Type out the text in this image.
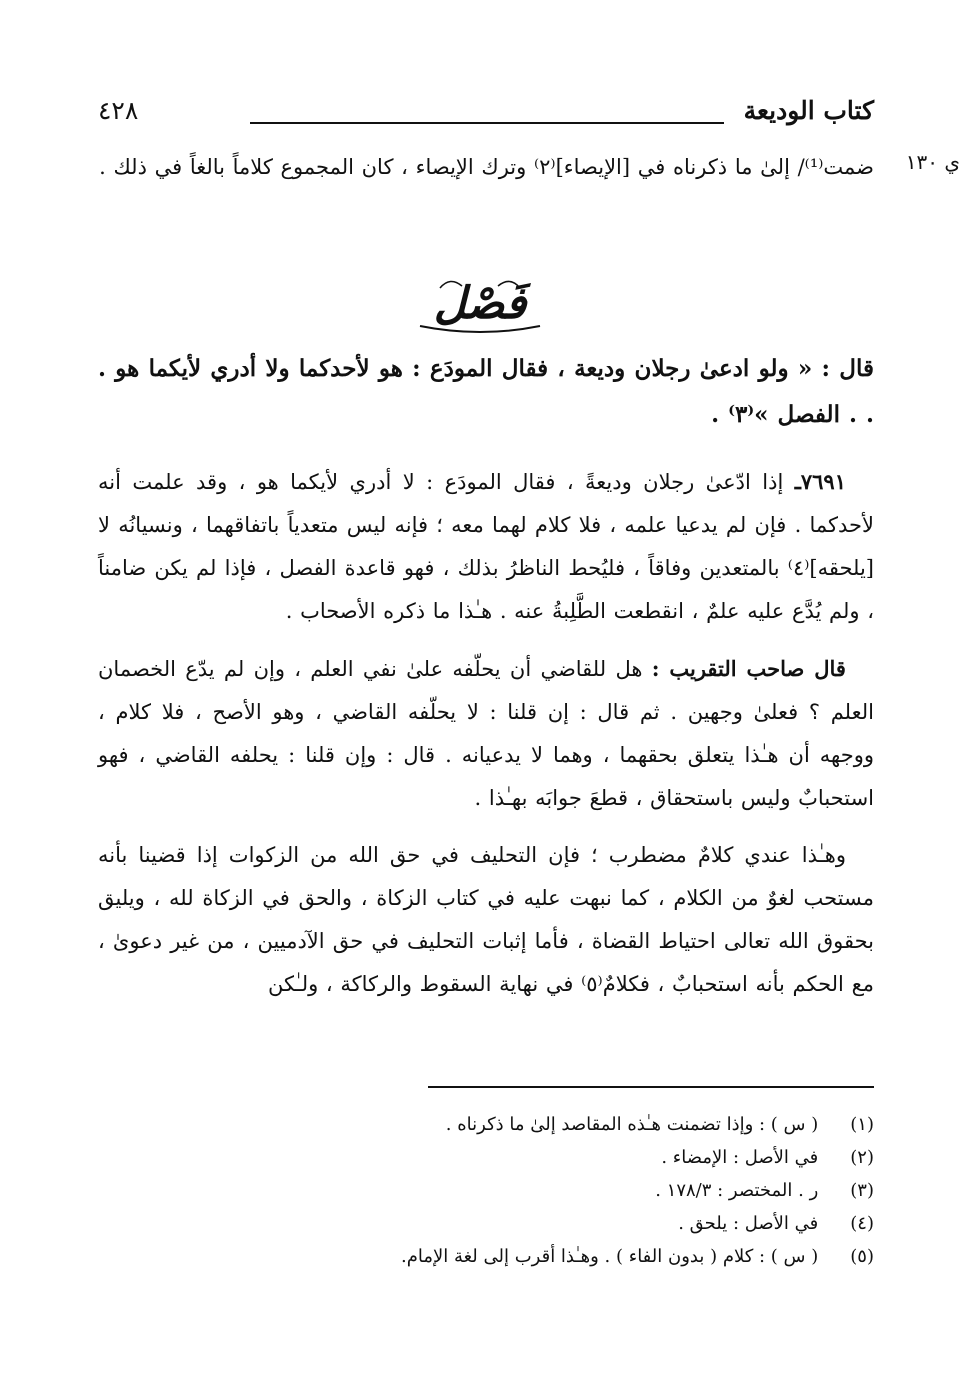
كتاب الوديعة
٤٢٨
ي ١٣٠

ضمت⁽¹⁾/ إلىٰ ما ذكرناه في [الإيصاء]⁽٢⁾ وترك الإيصاء ، كان المجموع كلاماً بالغاً في ذلك .

فَصْل

قال : « ولو ادعىٰ رجلان وديعة ، فقال المودَع : هو لأحدكما ولا أدري لأيكما هو . . . الفصل »⁽٣⁾ .

٧٦٩١ـ إذا ادّعىٰ رجلان وديعةً ، فقال المودَع : لا أدري لأيكما هو ، وقد علمت أنه لأحدكما . فإن لم يدعيا علمه ، فلا كلام لهما معه ؛ فإنه ليس متعدياً باتفاقهما ، ونسيانُه لا [يلحقه]⁽٤⁾ بالمتعدين وفاقاً ، فليُحط الناظرُ بذلك ، فهو قاعدة الفصل ، فإذا لم يكن ضامناً ، ولم يُدَّع عليه علمٌ ، انقطعت الطَّلِبةُ عنه . هـٰذا ما ذكره الأصحاب .

قال صاحب التقريب : هل للقاضي أن يحلّفه علىٰ نفي العلم ، وإن لم يدّع الخصمان العلم ؟ فعلىٰ وجهين . ثم قال : إن قلنا : لا يحلّفه القاضي ، وهو الأصح ، فلا كلام ، ووجهه أن هـٰذا يتعلق بحقهما ، وهما لا يدعيانه . قال : وإن قلنا : يحلفه القاضي ، فهو استحبابٌ وليس باستحقاق ، قطعَ جوابَه بهـٰذا .

وهـٰذا عندي كلامٌ مضطرب ؛ فإن التحليف في حق الله من الزكوات إذا قضينا بأنه مستحب لغوٌ من الكلام ، كما نبهت عليه في كتاب الزكاة ، والحق في الزكاة لله ، ويليق بحقوق الله تعالى احتياط القضاة ، فأما إثبات التحليف في حق الآدميين ، من غير دعوىٰ ، مع الحكم بأنه استحبابٌ ، فكلامٌ⁽٥⁾ في نهاية السقوط والركاكة ، ولـٰكن

(١) ( س ) : وإذا تضمنت هـٰذه المقاصد إلىٰ ما ذكرناه .
(٢) في الأصل : الإمضاء .
(٣) ر . المختصر : ١٧٨/٣ .
(٤) في الأصل : يلحق .
(٥) ( س ) : كلام ( بدون الفاء ) . وهـٰذا أقرب إلى لغة الإمام.
